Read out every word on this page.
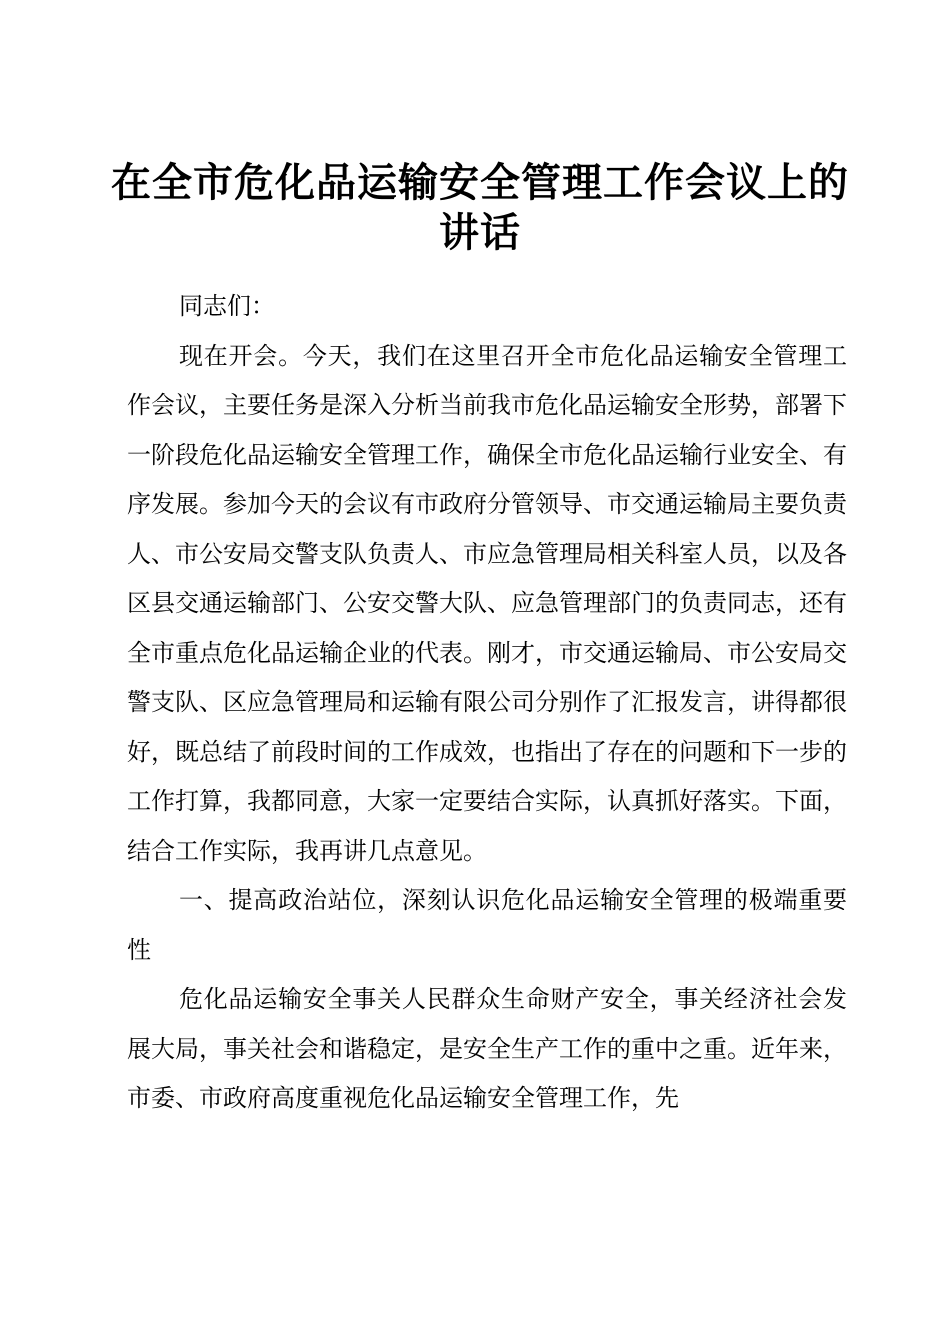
在全市危化品运输安全管理工作会议上的讲话

同志们：

现在开会。今天，我们在这里召开全市危化品运输安全管理工作会议，主要任务是深入分析当前我市危化品运输安全形势，部署下一阶段危化品运输安全管理工作，确保全市危化品运输行业安全、有序发展。参加今天的会议有市政府分管领导、市交通运输局主要负责人、市公安局交警支队负责人、市应急管理局相关科室人员，以及各区县交通运输部门、公安交警大队、应急管理部门的负责同志，还有全市重点危化品运输企业的代表。刚才，市交通运输局、市公安局交警支队、区应急管理局和运输有限公司分别作了汇报发言，讲得都很好，既总结了前段时间的工作成效，也指出了存在的问题和下一步的工作打算，我都同意，大家一定要结合实际，认真抓好落实。下面，结合工作实际，我再讲几点意见。

一、提高政治站位，深刻认识危化品运输安全管理的极端重要性

危化品运输安全事关人民群众生命财产安全，事关经济社会发展大局，事关社会和谐稳定，是安全生产工作的重中之重。近年来，市委、市政府高度重视危化品运输安全管理工作，先
